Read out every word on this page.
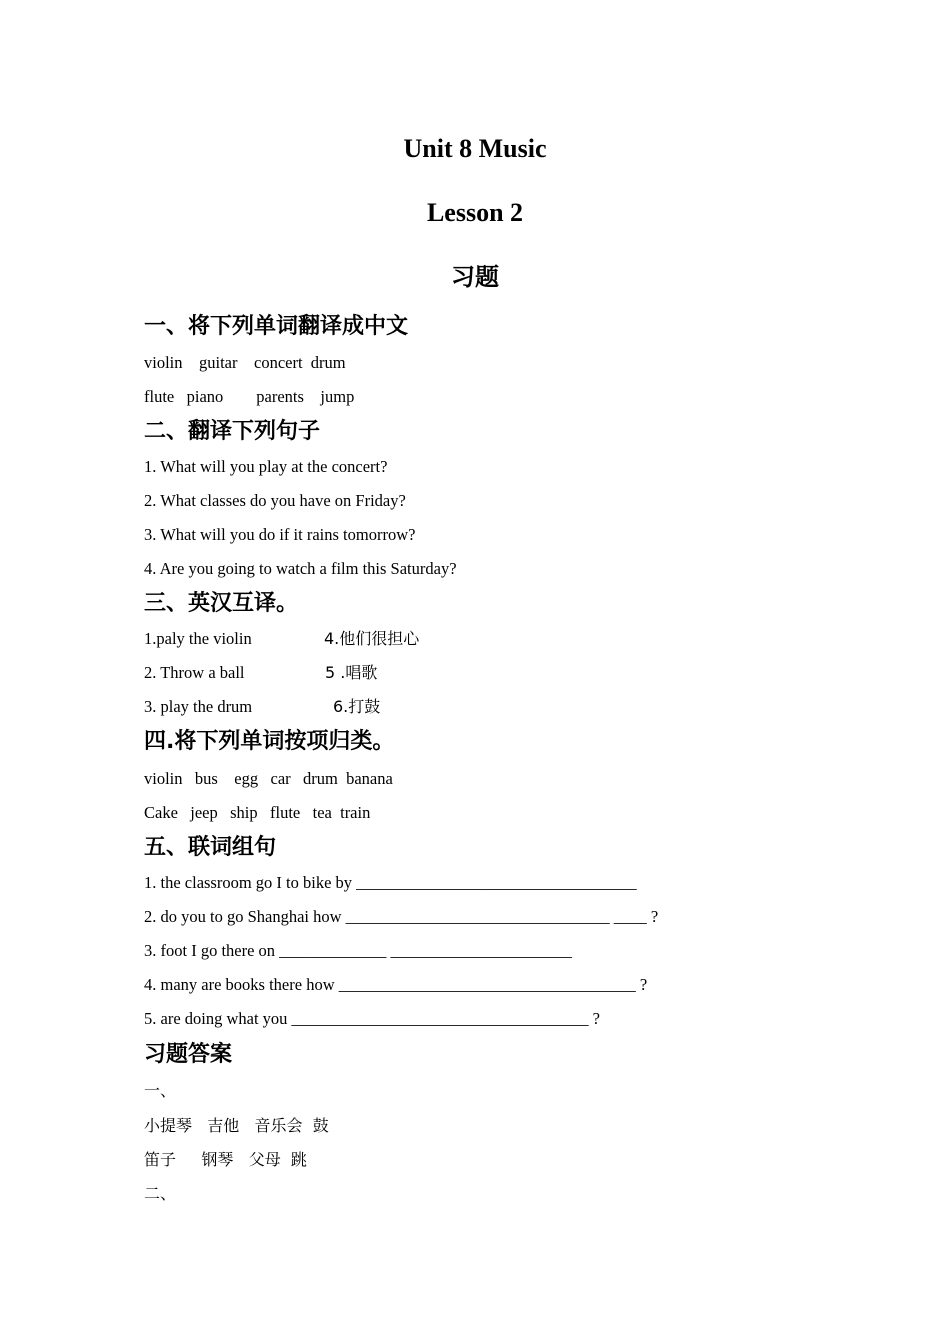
Unit 8 Music
Lesson 2
习题
一、将下列单词翻译成中文
violin    guitar    concert  drum
flute   piano        parents    jump
二、翻译下列句子
1. What will you play at the concert?
2. What classes do you have on Friday?
3. What will you do if it rains tomorrow?
4. Are you going to watch a film this Saturday?
三、英汉互译。
1.paly the violin	4.他们很担心
2. Throw a ball	5 .唱歌
3. play the drum	6.打鼓
四.将下列单词按项归类。
violin   bus    egg   car   drum  banana
Cake   jeep   ship   flute   tea  train
五、联词组句
1. the classroom go I to bike by __________________________________
2. do you to go Shanghai how ________________________________ ____ ?
3. foot I go there on _____________ ______________________
4. many are books there how ____________________________________ ?
5. are doing what you ____________________________________ ?
习题答案
一、
小提琴   吉他   音乐会  鼓
笛子     钢琴   父母  跳
二、
